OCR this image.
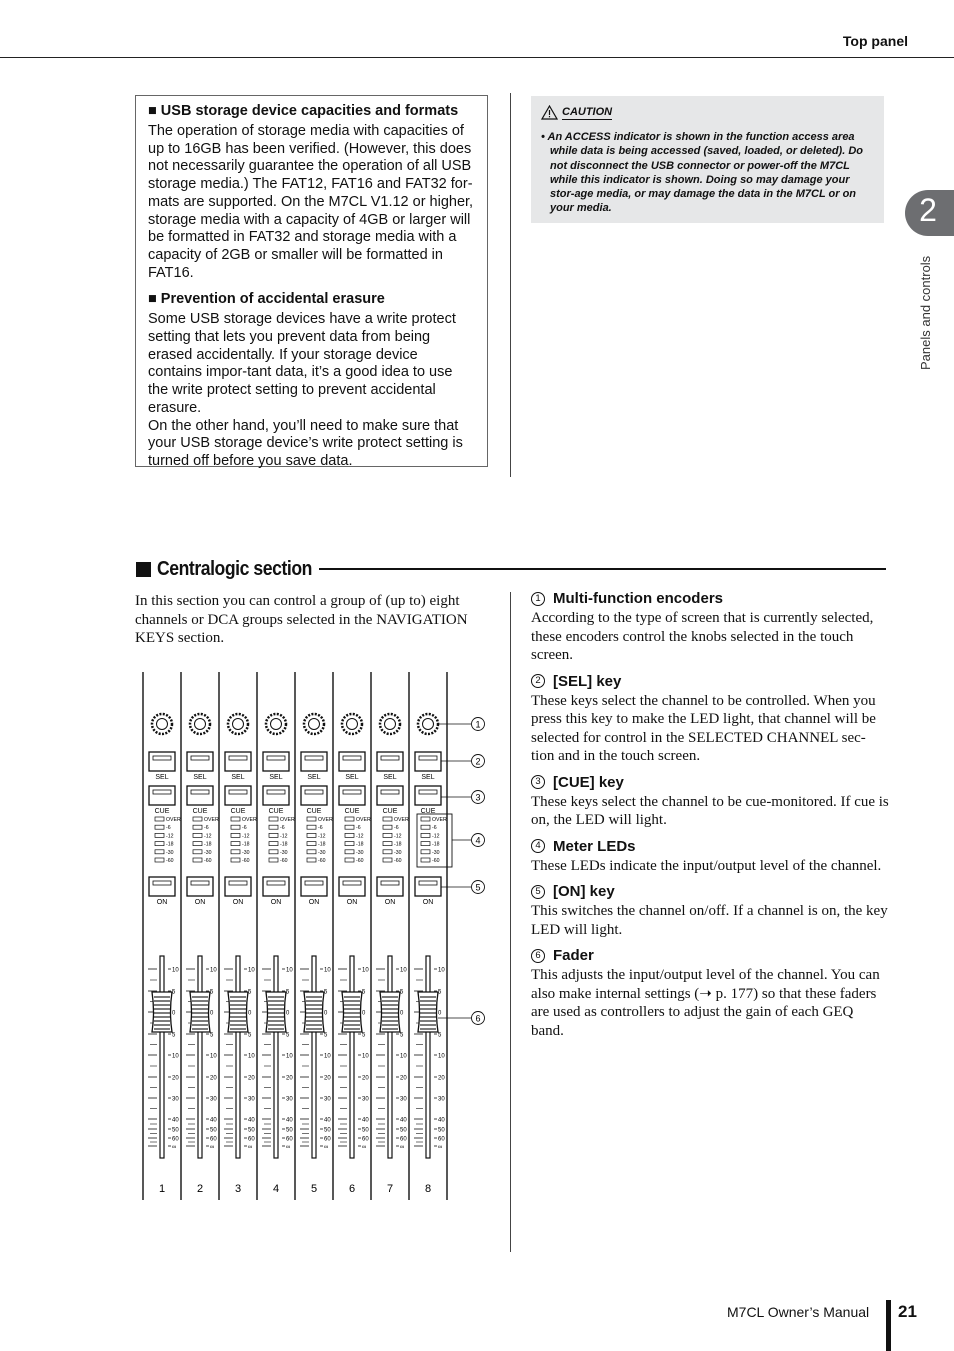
Top panel
2
Panels and controls

■ USB storage device capacities and formats

The operation of storage media with capacities of up to 16GB has been verified. (However, this does not necessarily guarantee the operation of all USB storage media.) The FAT12, FAT16 and FAT32 for-mats are supported. On the M7CL V1.12 or higher, storage media with a capacity of 4GB or larger will be formatted in FAT32 and storage media with a capacity of 2GB or smaller will be formatted in FAT16.

■ Prevention of accidental erasure

Some USB storage devices have a write protect setting that lets you prevent data from being erased accidentally. If your storage device contains impor-tant data, it’s a good idea to use the write protect setting to prevent accidental erasure.

On the other hand, you’ll need to make sure that your USB storage device’s write protect setting is turned off before you save data.

CAUTION
• An ACCESS indicator is shown in the function access area while data is being accessed (saved, loaded, or deleted). Do not disconnect the USB connector or power-off the M7CL while this indicator is shown. Doing so may damage your stor-age media, or may damage the data in the M7CL or on your media.
Centralogic section
In this section you can control a group of (up to) eight channels or DCA groups selected in the NAVIGATION KEYS section.
1 Multi-function encoders
According to the type of screen that is currently selected, these encoders control the knobs selected in the touch screen.
2 [SEL] key
These keys select the channel to be controlled. When you press this key to make the LED light, that channel will be selected for control in the SELECTED CHANNEL sec-tion and in the touch screen.
3 [CUE] key
These keys select the channel to be cue-monitored. If cue is on, the LED will light.
4 Meter LEDs
These LEDs indicate the input/output level of the channel.
5 [ON] key
This switches the channel on/off. If a channel is on, the key LED will light.
6 Fader
This adjusts the input/output level of the channel. You can also make internal settings (➝ p. 177) so that these faders are used as controllers to adjust the gain of each GEQ band.
SEL
CUE
OVER
-6
-12
-18
-30
-60
ON
10
5
0
5
10
20
30
40
50
60
∞
1
SEL
CUE
OVER
-6
-12
-18
-30
-60
ON
10
5
0
5
10
20
30
40
50
60
∞
2
SEL
CUE
OVER
-6
-12
-18
-30
-60
ON
10
5
0
5
10
20
30
40
50
60
∞
3
SEL
CUE
OVER
-6
-12
-18
-30
-60
ON
10
5
0
5
10
20
30
40
50
60
∞
4
SEL
CUE
OVER
-6
-12
-18
-30
-60
ON
10
5
0
5
10
20
30
40
50
60
∞
5
SEL
CUE
OVER
-6
-12
-18
-30
-60
ON
10
5
0
5
10
20
30
40
50
60
∞
6
SEL
CUE
OVER
-6
-12
-18
-30
-60
ON
10
5
0
5
10
20
30
40
50
60
∞
7
SEL
CUE
OVER
-6
-12
-18
-30
-60
ON
10
5
0
5
10
20
30
40
50
60
∞
8
1
2
3
4
5
6
M7CL Owner’s Manual 21
